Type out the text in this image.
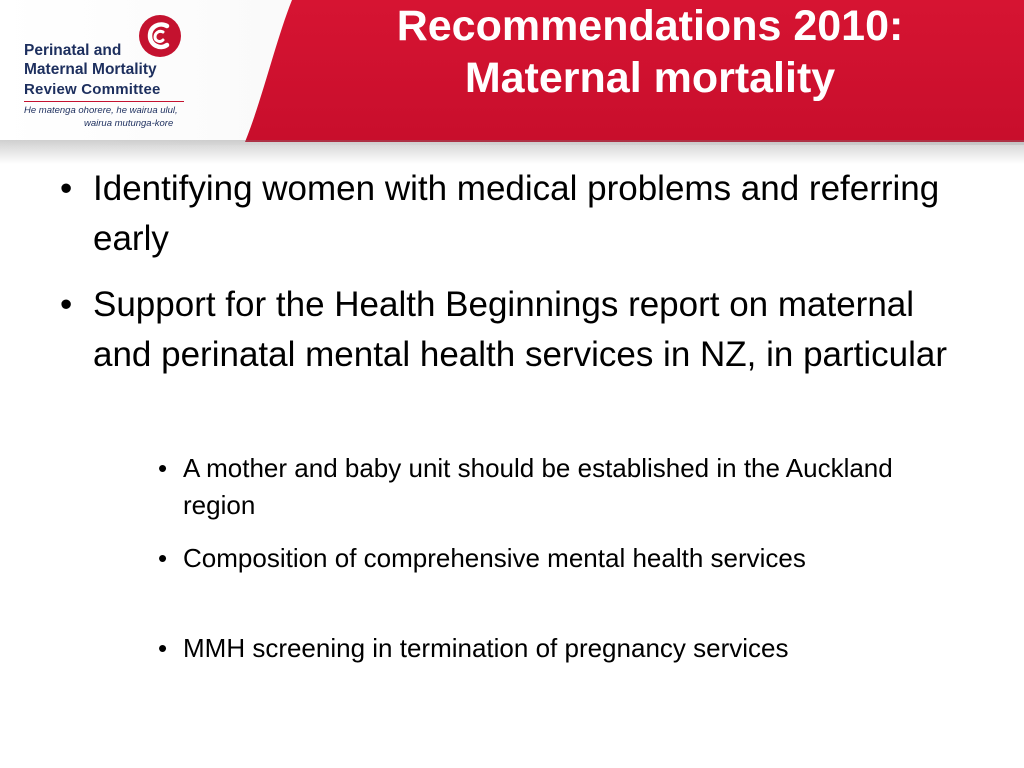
Perinatal and
Maternal Mortality
Review Committee
He matenga ohorere, he wairua ulul,
wairua mutunga-kore
Recommendations 2010:
Maternal mortality
• Identifying women with medical problems and referring early
• Support for the Health Beginnings report on maternal and perinatal mental health services in NZ, in particular
• A mother and baby unit should be established in the Auckland region
• Composition of comprehensive mental health services
• MMH screening in termination of pregnancy services
